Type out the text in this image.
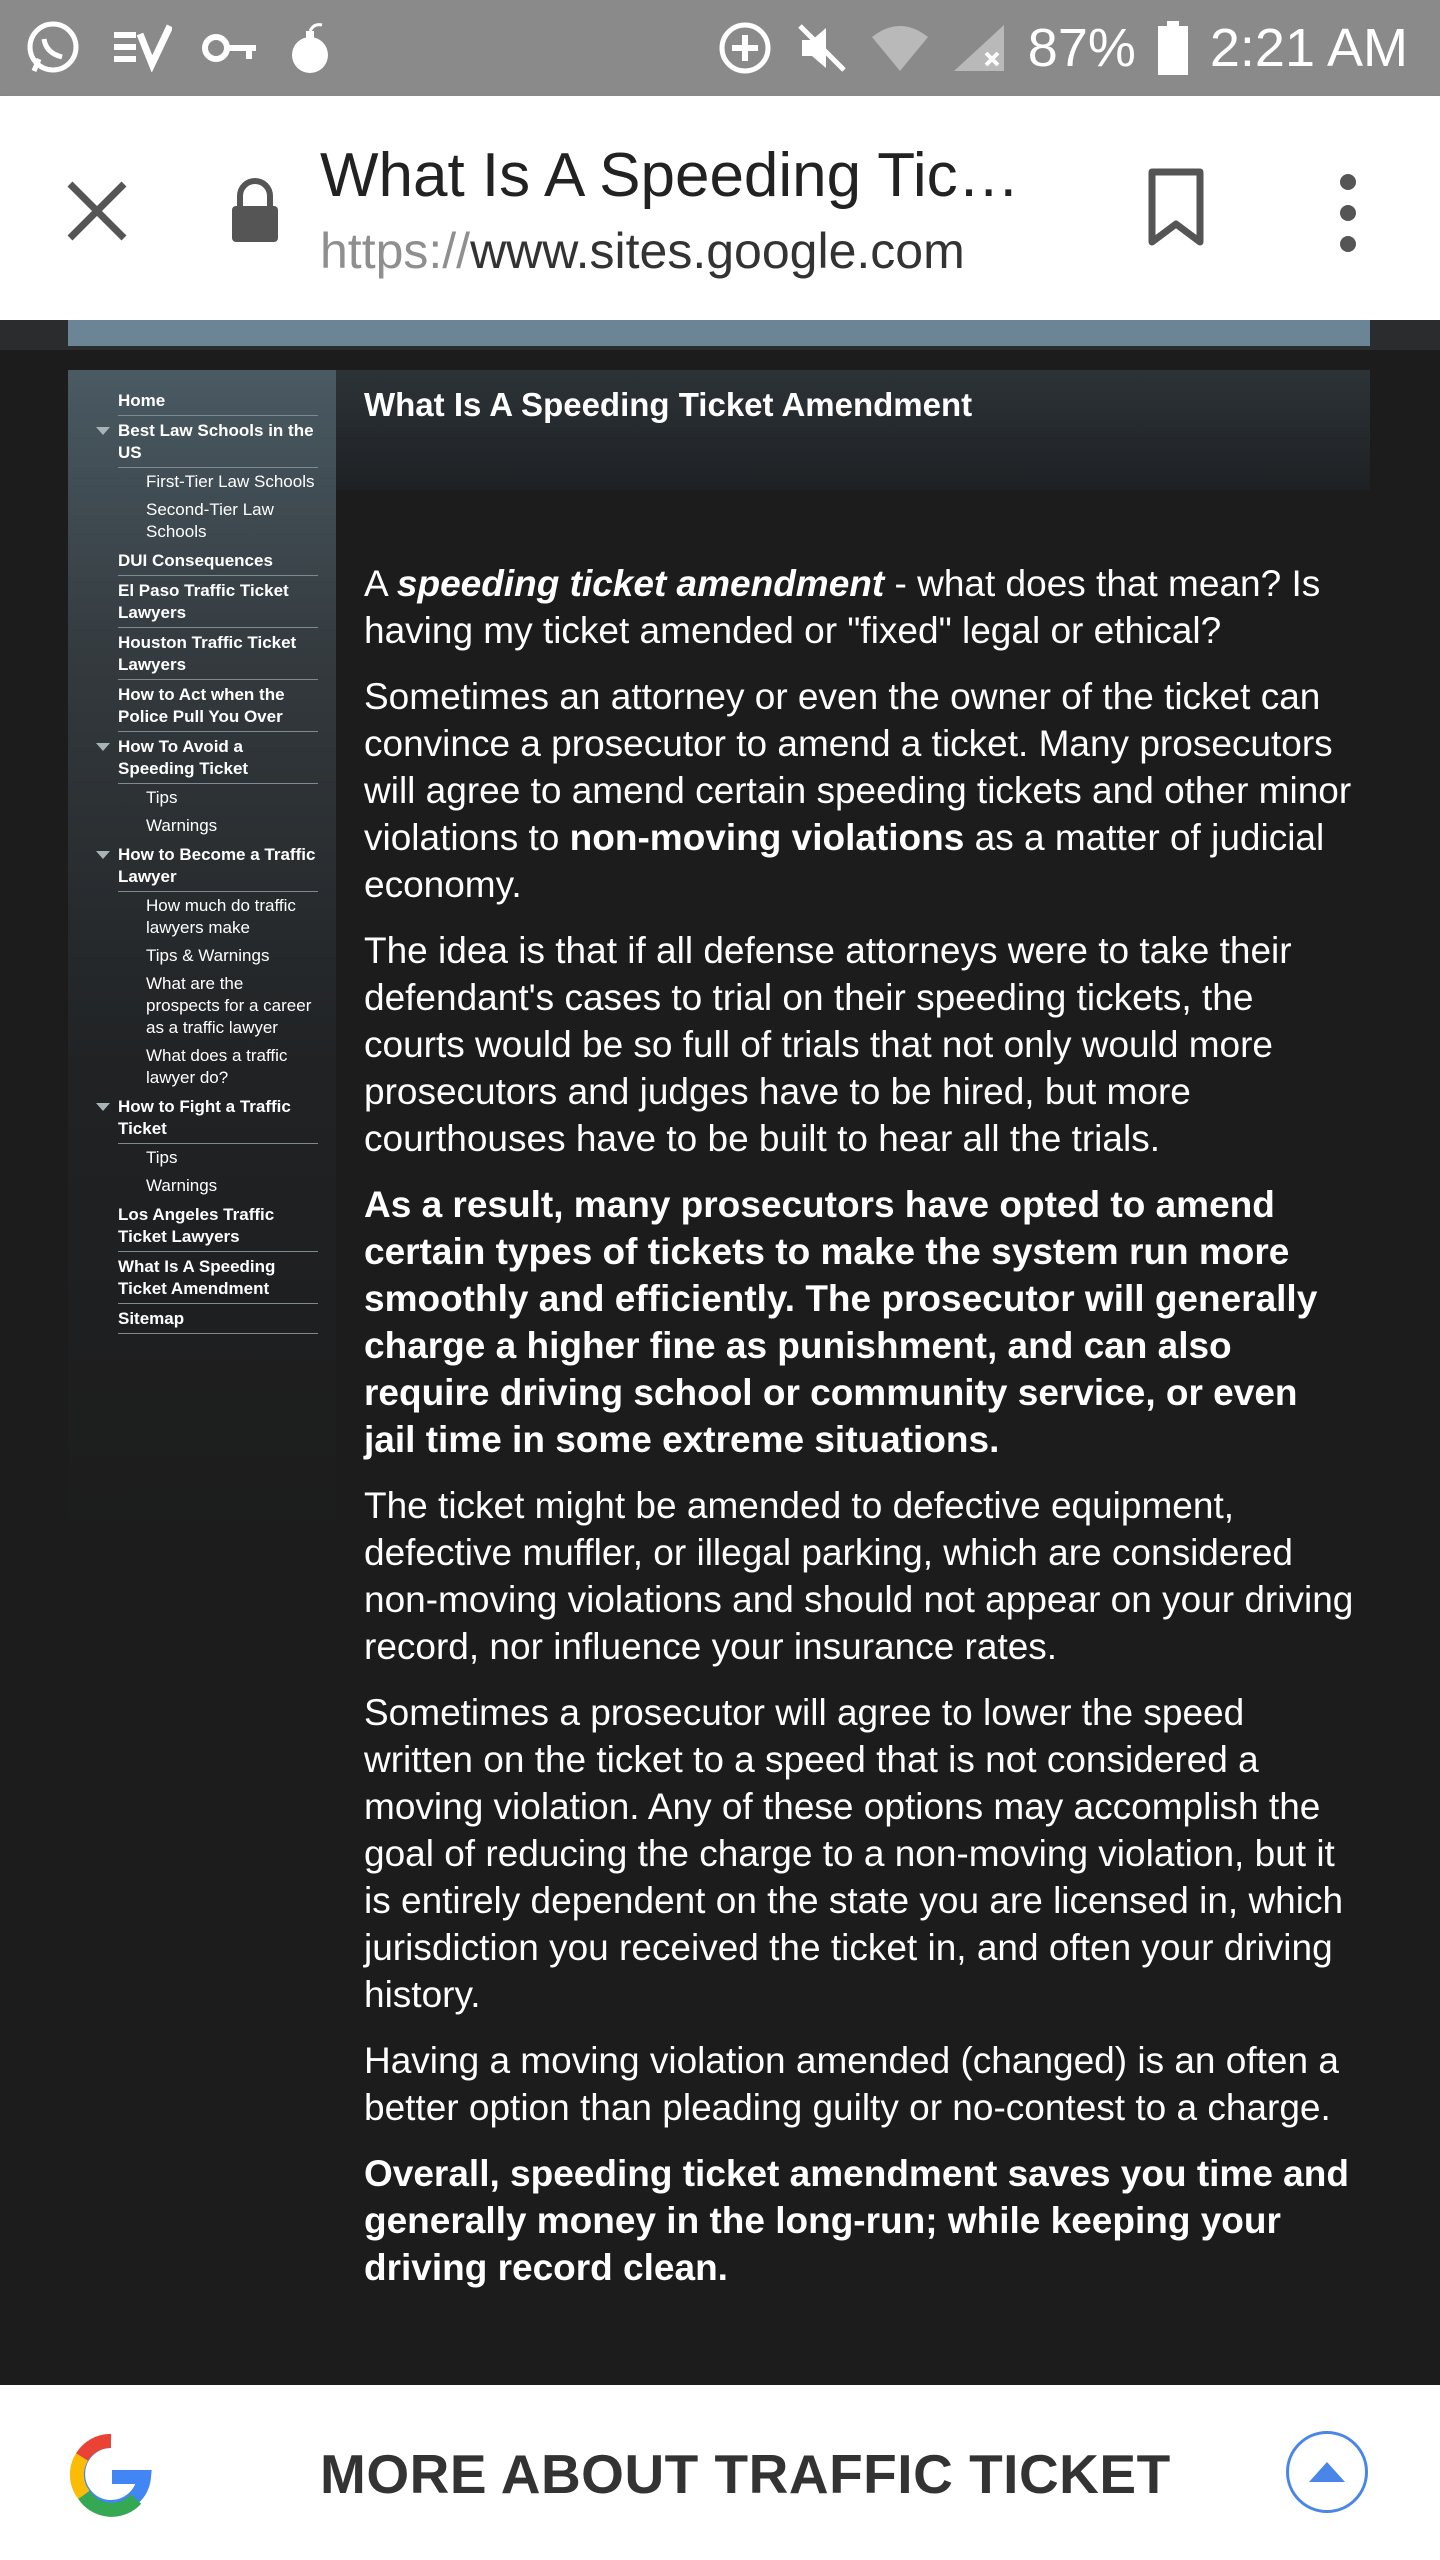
87% 2:21 AM
What Is A Speeding Tic…
https://www.sites.google.com
Home
Best Law Schools in the US
First-Tier Law Schools
Second-Tier Law Schools
DUI Consequences
El Paso Traffic Ticket Lawyers
Houston Traffic Ticket Lawyers
How to Act when the Police Pull You Over
How To Avoid a Speeding Ticket
Tips
Warnings
How to Become a Traffic Lawyer
How much do traffic lawyers make
Tips & Warnings
What are the prospects for a career as a traffic lawyer
What does a traffic lawyer do?
How to Fight a Traffic Ticket
Tips
Warnings
Los Angeles Traffic Ticket Lawyers
What Is A Speeding Ticket Amendment
Sitemap
What Is A Speeding Ticket Amendment

A speeding ticket amendment - what does that mean? Is having my ticket amended or "fixed" legal or ethical?

Sometimes an attorney or even the owner of the ticket can convince a prosecutor to amend a ticket. Many prosecutors will agree to amend certain speeding tickets and other minor violations to non-moving violations as a matter of judicial economy.

The idea is that if all defense attorneys were to take their defendant's cases to trial on their speeding tickets, the courts would be so full of trials that not only would more prosecutors and judges have to be hired, but more courthouses have to be built to hear all the trials.

As a result, many prosecutors have opted to amend certain types of tickets to make the system run more smoothly and efficiently. The prosecutor will generally charge a higher fine as punishment, and can also require driving school or community service, or even jail time in some extreme situations.

The ticket might be amended to defective equipment, defective muffler, or illegal parking, which are considered non-moving violations and should not appear on your driving record, nor influence your insurance rates.

Sometimes a prosecutor will agree to lower the speed written on the ticket to a speed that is not considered a moving violation. Any of these options may accomplish the goal of reducing the charge to a non-moving violation, but it is entirely dependent on the state you are licensed in, which jurisdiction you received the ticket in, and often your driving history.

Having a moving violation amended (changed) is an often a better option than pleading guilty or no-contest to a charge.

Overall, speeding ticket amendment saves you time and generally money in the long-run; while keeping your driving record clean.

MORE ABOUT TRAFFIC TICKET
